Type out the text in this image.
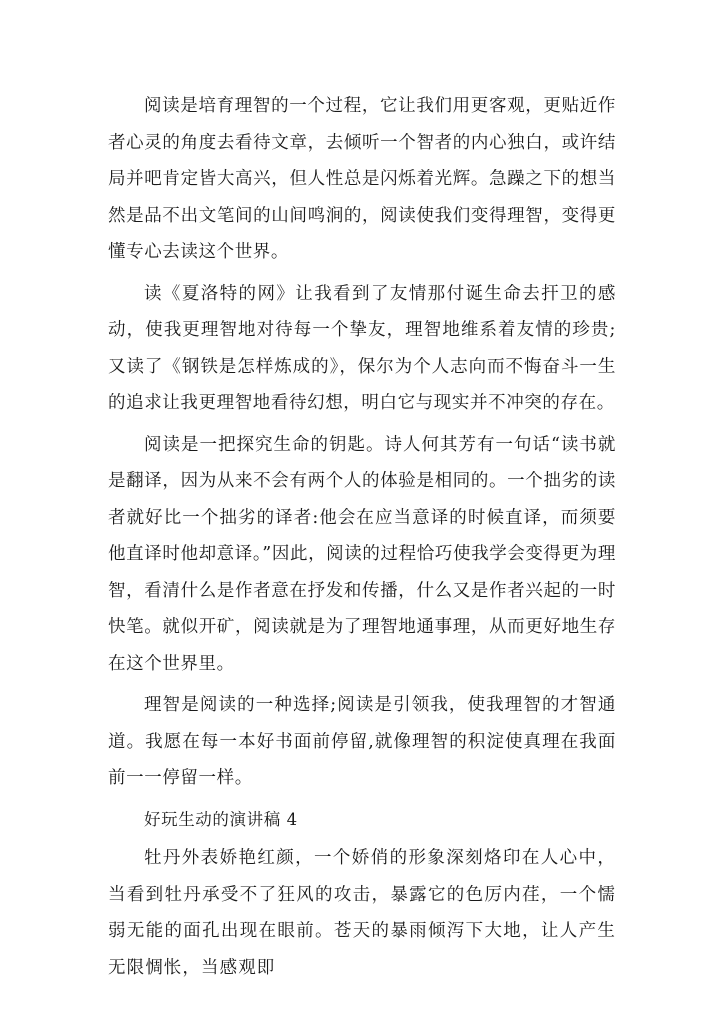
阅读是培育理智的一个过程，它让我们用更客观，更贴近作者心灵的角度去看待文章，去倾听一个智者的内心独白，或许结局并吧肯定皆大高兴，但人性总是闪烁着光辉。急躁之下的想当然是品不出文笔间的山间鸣涧的，阅读使我们变得理智，变得更懂专心去读这个世界。

读《夏洛特的网》让我看到了友情那付诞生命去扞卫的感动，使我更理智地对待每一个挚友，理智地维系着友情的珍贵;又读了《钢铁是怎样炼成的》，保尔为个人志向而不悔奋斗一生的追求让我更理智地看待幻想，明白它与现实并不冲突的存在。

阅读是一把探究生命的钥匙。诗人何其芳有一句话“读书就是翻译，因为从来不会有两个人的体验是相同的。一个拙劣的读者就好比一个拙劣的译者:他会在应当意译的时候直译，而须要他直译时他却意译。”因此，阅读的过程恰巧使我学会变得更为理智，看清什么是作者意在抒发和传播，什么又是作者兴起的一时快笔。就似开矿，阅读就是为了理智地通事理，从而更好地生存在这个世界里。

理智是阅读的一种选择;阅读是引领我，使我理智的才智通道。我愿在每一本好书面前停留,就像理智的积淀使真理在我面前一一停留一样。

好玩生动的演讲稿 4

牡丹外表娇艳红颜，一个娇俏的形象深刻烙印在人心中，当看到牡丹承受不了狂风的攻击，暴露它的色厉内荏，一个懦弱无能的面孔出现在眼前。苍天的暴雨倾泻下大地，让人产生无限惆怅，当感观即
